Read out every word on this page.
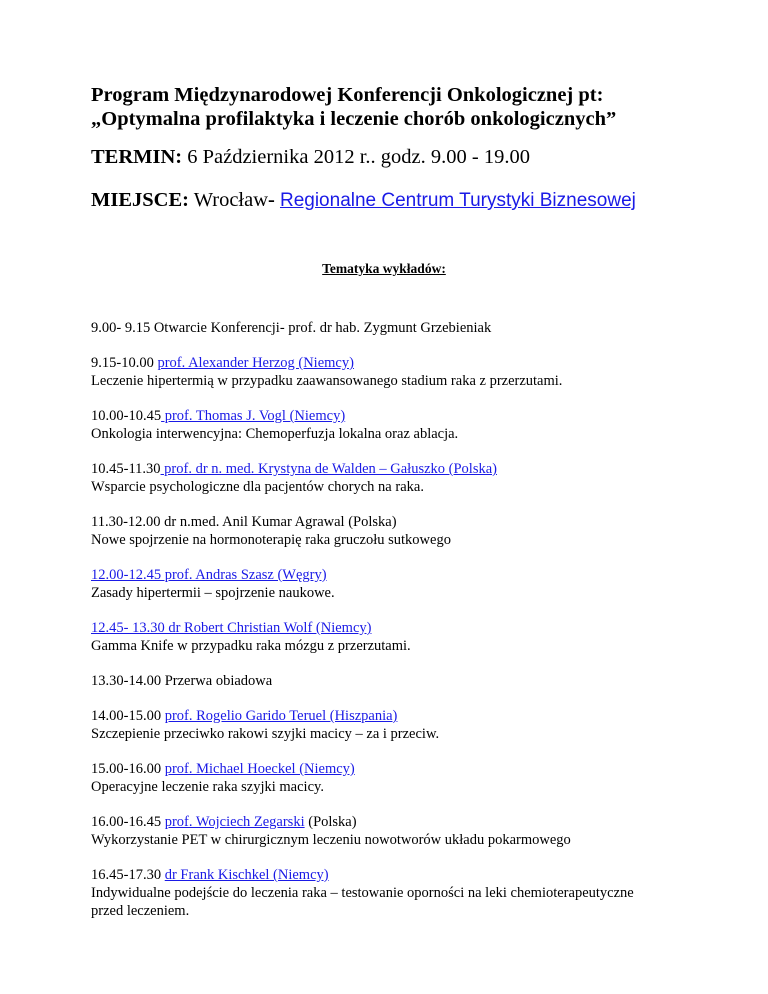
Program Międzynarodowej Konferencji Onkologicznej pt:
„Optymalna profilaktyka i leczenie chorób onkologicznych”
TERMIN: 6 Października 2012 r.. godz. 9.00 - 19.00
MIEJSCE: Wrocław- Regionalne Centrum Turystyki Biznesowej
Tematyka wykładów:
9.00- 9.15 Otwarcie Konferencji- prof. dr hab. Zygmunt Grzebieniak
9.15-10.00 prof. Alexander Herzog (Niemcy)
Leczenie hipertermią w przypadku zaawansowanego stadium raka z przerzutami.
10.00-10.45 prof. Thomas J. Vogl (Niemcy)
Onkologia interwencyjna: Chemoperfuzja lokalna oraz ablacja.
10.45-11.30 prof. dr n. med. Krystyna de Walden – Gałuszko (Polska)
Wsparcie psychologiczne dla pacjentów chorych na raka.
11.30-12.00 dr n.med. Anil Kumar Agrawal (Polska)
Nowe spojrzenie na hormonoterapię raka gruczołu sutkowego
12.00-12.45 prof. Andras Szasz (Węgry)
Zasady hipertermii – spojrzenie naukowe.
12.45- 13.30 dr Robert Christian Wolf (Niemcy)
Gamma Knife w przypadku raka mózgu z przerzutami.
13.30-14.00 Przerwa obiadowa
14.00-15.00 prof. Rogelio Garido Teruel (Hiszpania)
Szczepienie przeciwko rakowi szyjki macicy – za i przeciw.
15.00-16.00 prof. Michael Hoeckel (Niemcy)
Operacyjne leczenie raka szyjki macicy.
16.00-16.45 prof. Wojciech Zegarski (Polska)
Wykorzystanie PET w chirurgicznym leczeniu nowotworów układu pokarmowego
16.45-17.30 dr Frank Kischkel (Niemcy)
Indywidualne podejście do leczenia raka – testowanie oporności na leki chemioterapeutyczne
przed leczeniem.
